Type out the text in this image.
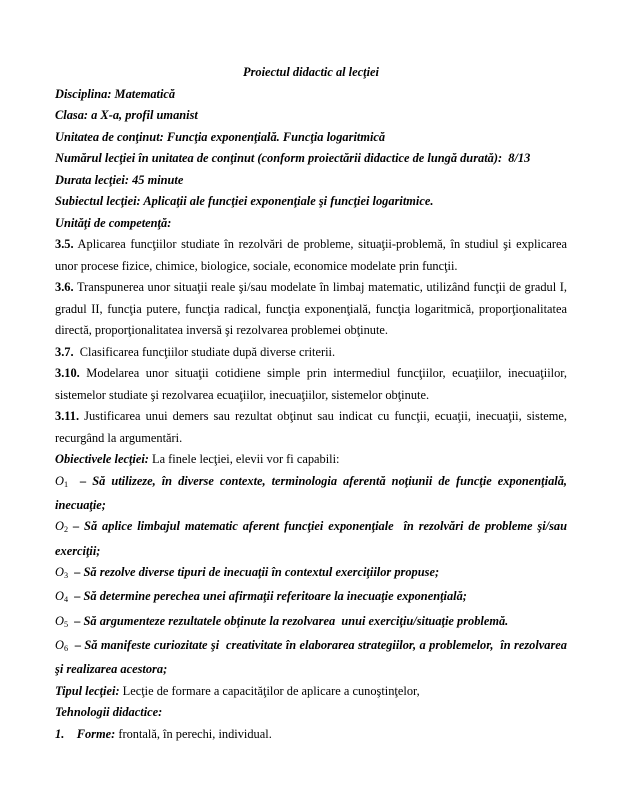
Proiectul didactic al lecţiei

Disciplina: Matematică

Clasa: a X-a, profil umanist

Unitatea de conţinut: Funcţia exponenţială. Funcţia logaritmică

Numărul lecţiei în unitatea de conţinut (conform proiectării didactice de lungă durată):  8/13

Durata lecţiei: 45 minute

Subiectul lecţiei: Aplicaţii ale funcţiei exponenţiale şi funcţiei logaritmice.

Unităţi de competenţă:

3.5. Aplicarea funcţiilor studiate în rezolvări de probleme, situaţii-problemă, în studiul şi explicarea unor procese fizice, chimice, biologice, sociale, economice modelate prin funcţii.

3.6. Transpunerea unor situaţii reale şi/sau modelate în limbaj matematic, utilizând funcţii de gradul I, gradul II, funcţia putere, funcţia radical, funcţia exponenţială, funcţia logaritmică, proporţionalitatea directă, proporţionalitatea inversă şi rezolvarea problemei obţinute.

3.7.  Clasificarea funcţiilor studiate după diverse criterii.

3.10. Modelarea unor situaţii cotidiene simple prin intermediul funcţiilor, ecuaţiilor, inecuaţiilor, sistemelor studiate şi rezolvarea ecuaţiilor, inecuaţiilor, sistemelor obţinute.

3.11. Justificarea unui demers sau rezultat obţinut sau indicat cu funcţii, ecuaţii, inecuaţii, sisteme, recurgând la argumentări.

Obiectivele lecţiei: La finele lecţiei, elevii vor fi capabili:

$O_1$  – Să utilizeze, în diverse contexte, terminologia aferentă noţiunii de funcţie exponenţială, inecuaţie;

$O_2$ – Să aplice limbajul matematic aferent funcţiei exponenţiale  în rezolvări de probleme şi/sau exerciţii;

$O_3$  – Să rezolve diverse tipuri de inecuaţii în contextul exerciţiilor propuse;

$O_4$  – Să determine perechea unei afirmaţii referitoare la inecuaţie exponenţială;

$O_5$  – Să argumenteze rezultatele obţinute la rezolvarea  unui exerciţiu/situaţie problemă.

$O_6$  – Să manifeste curiozitate şi  creativitate în elaborarea strategiilor, a problemelor,  în rezolvarea şi realizarea acestora;

Tipul lecţiei: Lecţie de formare a capacităţilor de aplicare a cunoştinţelor,

Tehnologii didactice:

1. Forme: frontală, în perechi, individual.
